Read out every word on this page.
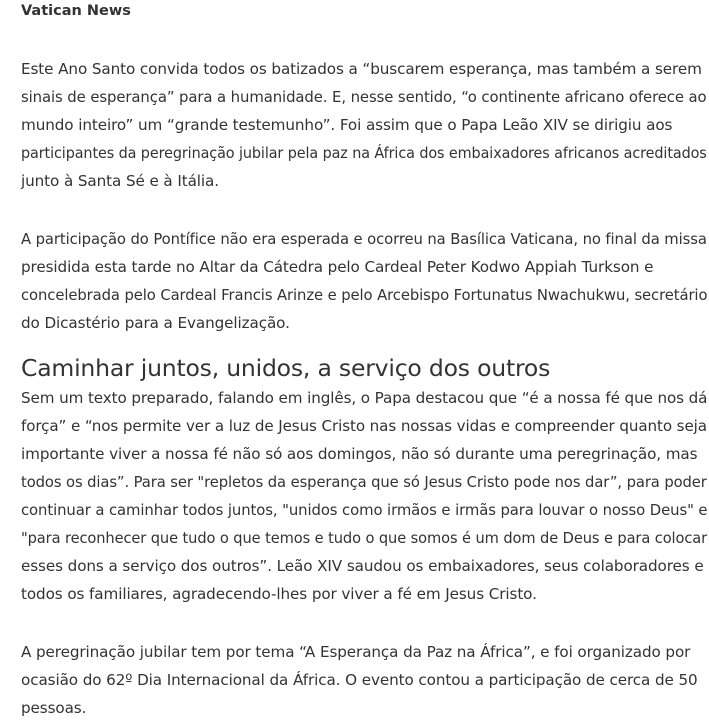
Vatican News

Este Ano Santo convida todos os batizados a “buscarem esperança, mas também a serem
sinais de esperança” para a humanidade. E, nesse sentido, “o continente africano oferece ao
mundo inteiro” um “grande testemunho”. Foi assim que o Papa Leão XIV se dirigiu aos
participantes da peregrinação jubilar pela paz na África dos embaixadores africanos acreditados
junto à Santa Sé e à Itália.

A participação do Pontífice não era esperada e ocorreu na Basílica Vaticana, no final da missa
presidida esta tarde no Altar da Cátedra pelo Cardeal Peter Kodwo Appiah Turkson e
concelebrada pelo Cardeal Francis Arinze e pelo Arcebispo Fortunatus Nwachukwu, secretário
do Dicastério para a Evangelização.

Caminhar juntos, unidos, a serviço dos outros

Sem um texto preparado, falando em inglês, o Papa destacou que “é a nossa fé que nos dá
força” e “nos permite ver a luz de Jesus Cristo nas nossas vidas e compreender quanto seja
importante viver a nossa fé não só aos domingos, não só durante uma peregrinação, mas
todos os dias”. Para ser "repletos da esperança que só Jesus Cristo pode nos dar”, para poder
continuar a caminhar todos juntos, "unidos como irmãos e irmãs para louvar o nosso Deus" e
"para reconhecer que tudo o que temos e tudo o que somos é um dom de Deus e para colocar
esses dons a serviço dos outros”. Leão XIV saudou os embaixadores, seus colaboradores e
todos os familiares, agradecendo-lhes por viver a fé em Jesus Cristo.

A peregrinação jubilar tem por tema “A Esperança da Paz na África”, e foi organizado por
ocasião do 62º Dia Internacional da África. O evento contou a participação de cerca de 50
pessoas.
